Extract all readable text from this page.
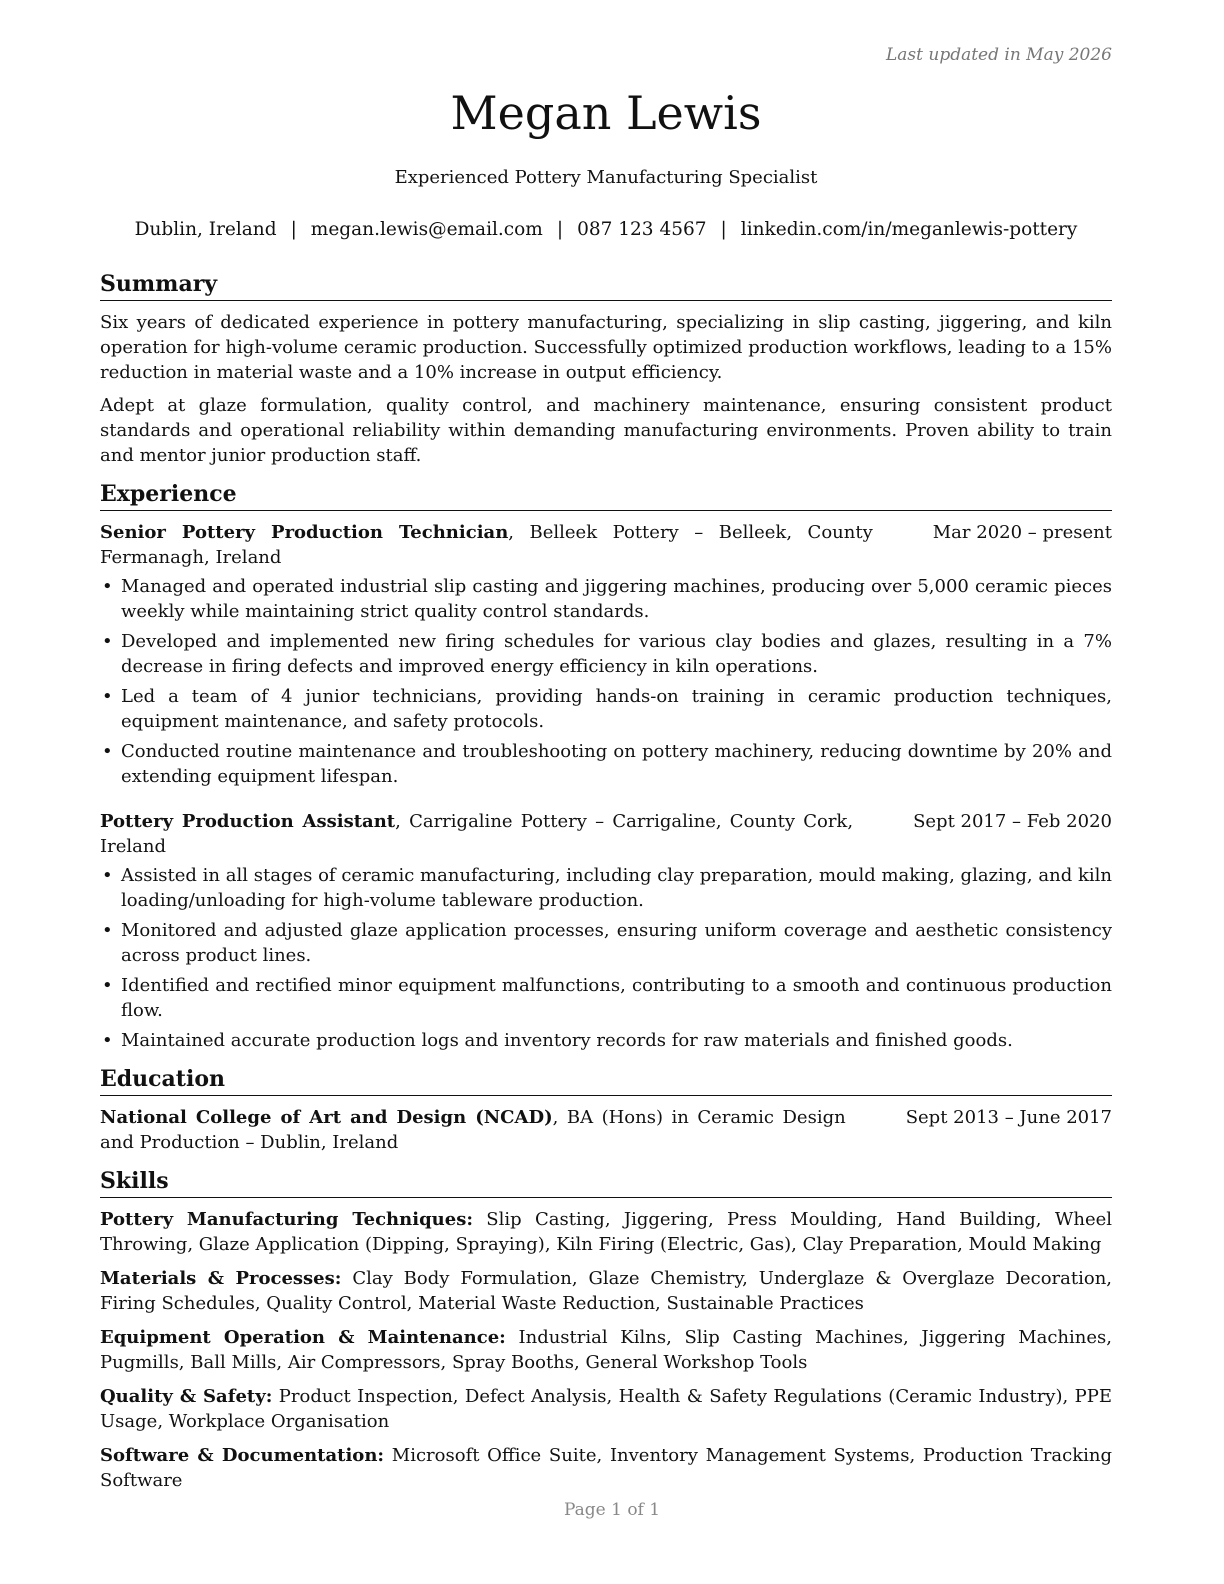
Last updated in May 2026
Megan Lewis
Experienced Pottery Manufacturing Specialist
Dublin, Ireland | megan.lewis@email.com | 087 123 4567 | linkedin.com/in/meganlewis-pottery
Summary

Six years of dedicated experience in pottery manufacturing, specializing in slip casting, jiggering, and kiln operation for high-volume ceramic production. Successfully optimized production workflows, leading to a 15% reduction in material waste and a 10% increase in output efficiency.

Adept at glaze formulation, quality control, and machinery maintenance, ensuring consistent product standards and operational reliability within demanding manufacturing environments. Proven ability to train and mentor junior production staff.

Experience
Senior Pottery Production Technician, Belleek Pottery – Belleek, County Fermanagh, Ireland
Mar 2020 – present
• Managed and operated industrial slip casting and jiggering machines, producing over 5,000 ceramic pieces weekly while maintaining strict quality control standards.
• Developed and implemented new firing schedules for various clay bodies and glazes, resulting in a 7% decrease in firing defects and improved energy efficiency in kiln operations.
• Led a team of 4 junior technicians, providing hands-on training in ceramic production techniques, equipment maintenance, and safety protocols.
• Conducted routine maintenance and troubleshooting on pottery machinery, reducing downtime by 20% and extending equipment lifespan.
Pottery Production Assistant, Carrigaline Pottery – Carrigaline, County Cork, Ireland
Sept 2017 – Feb 2020
• Assisted in all stages of ceramic manufacturing, including clay preparation, mould making, glazing, and kiln loading/unloading for high-volume tableware production.
• Monitored and adjusted glaze application processes, ensuring uniform coverage and aesthetic consistency across product lines.
• Identified and rectified minor equipment malfunctions, contributing to a smooth and continuous production flow.
• Maintained accurate production logs and inventory records for raw materials and finished goods.
Education
National College of Art and Design (NCAD), BA (Hons) in Ceramic Design and Production – Dublin, Ireland
Sept 2013 – June 2017
Skills

Pottery Manufacturing Techniques: Slip Casting, Jiggering, Press Moulding, Hand Building, Wheel Throwing, Glaze Application (Dipping, Spraying), Kiln Firing (Electric, Gas), Clay Preparation, Mould Making

Materials & Processes: Clay Body Formulation, Glaze Chemistry, Underglaze & Overglaze Decoration, Firing Schedules, Quality Control, Material Waste Reduction, Sustainable Practices

Equipment Operation & Maintenance: Industrial Kilns, Slip Casting Machines, Jiggering Machines, Pugmills, Ball Mills, Air Compressors, Spray Booths, General Workshop Tools

Quality & Safety: Product Inspection, Defect Analysis, Health & Safety Regulations (Ceramic Industry), PPE Usage, Workplace Organisation

Software & Documentation: Microsoft Office Suite, Inventory Management Systems, Production Tracking Software

Page 1 of 1
